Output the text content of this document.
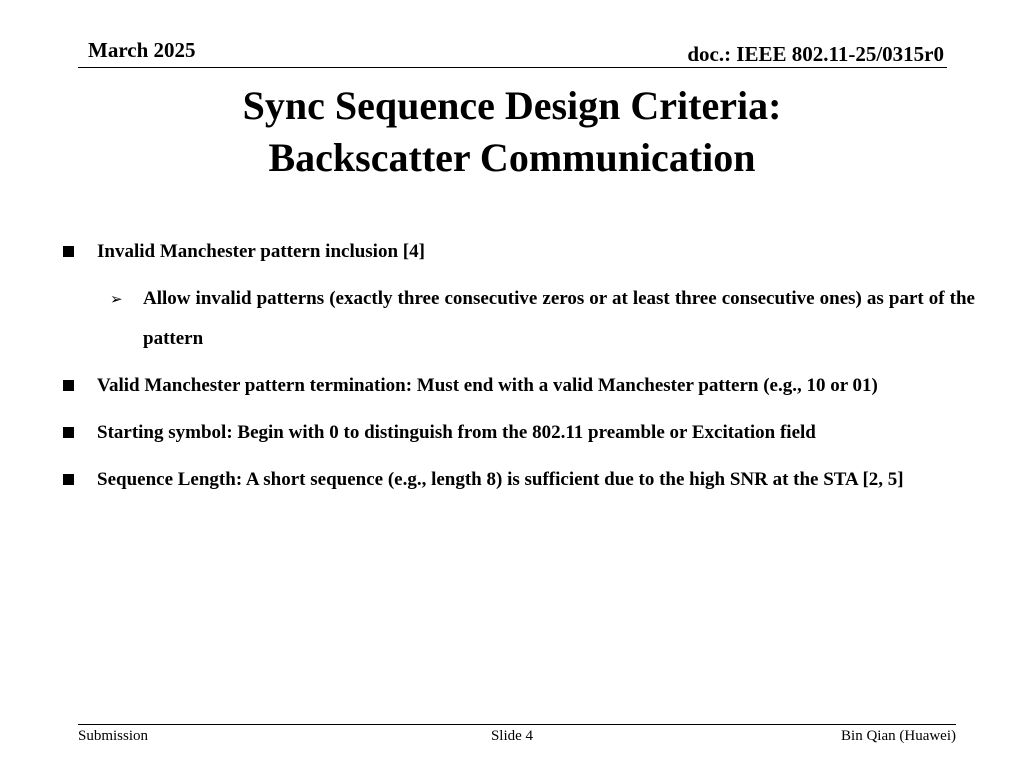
March 2025	doc.: IEEE 802.11-25/0315r0
Sync Sequence Design Criteria:
Backscatter Communication
Invalid Manchester pattern inclusion [4]
➢ Allow invalid patterns (exactly three consecutive zeros or at least three consecutive ones) as part of the pattern
Valid Manchester pattern termination: Must end with a valid Manchester pattern (e.g., 10 or 01)
Starting symbol: Begin with 0 to distinguish from the 802.11 preamble or Excitation field
Sequence Length: A short sequence (e.g., length 8) is sufficient due to the high SNR at the STA [2, 5]
Submission	Slide 4	Bin Qian (Huawei)
